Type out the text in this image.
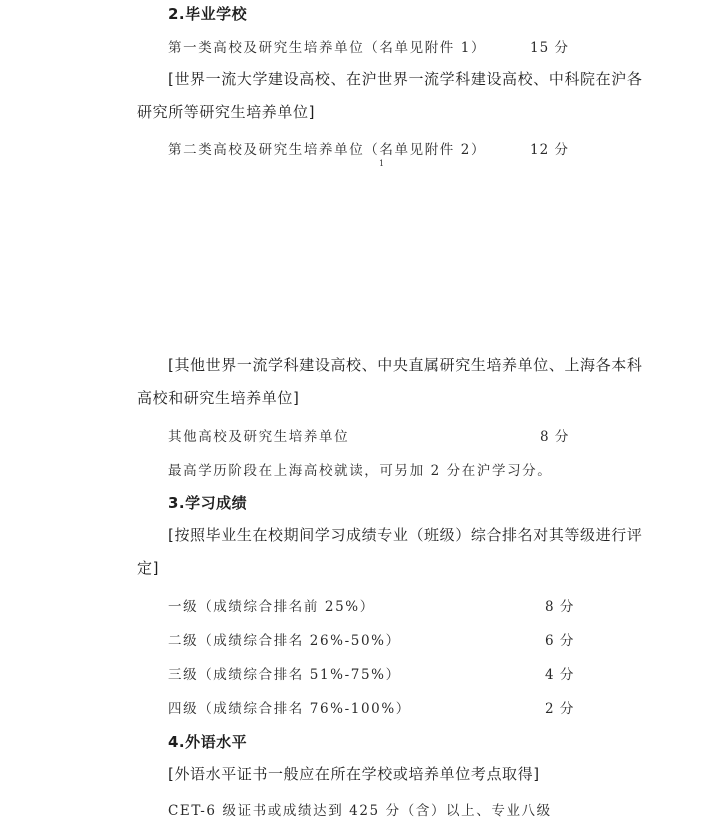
2.毕业学校
第一类高校及研究生培养单位（名单见附件 1）	15 分
[世界一流大学建设高校、在沪世界一流学科建设高校、中科院在沪各
研究所等研究生培养单位]
第二类高校及研究生培养单位（名单见附件 2）	12 分
1
[其他世界一流学科建设高校、中央直属研究生培养单位、上海各本科
高校和研究生培养单位]
其他高校及研究生培养单位	8 分
最高学历阶段在上海高校就读，可另加 2 分在沪学习分。
3.学习成绩
[按照毕业生在校期间学习成绩专业（班级）综合排名对其等级进行评
定]
一级（成绩综合排名前 25%）	8 分
二级（成绩综合排名 26%-50%）	6 分
三级（成绩综合排名 51%-75%）	4 分
四级（成绩综合排名 76%-100%）	2 分
4.外语水平
[外语水平证书一般应在所在学校或培养单位考点取得]
CET-6 级证书或成绩达到 425 分（含）以上、专业八级
